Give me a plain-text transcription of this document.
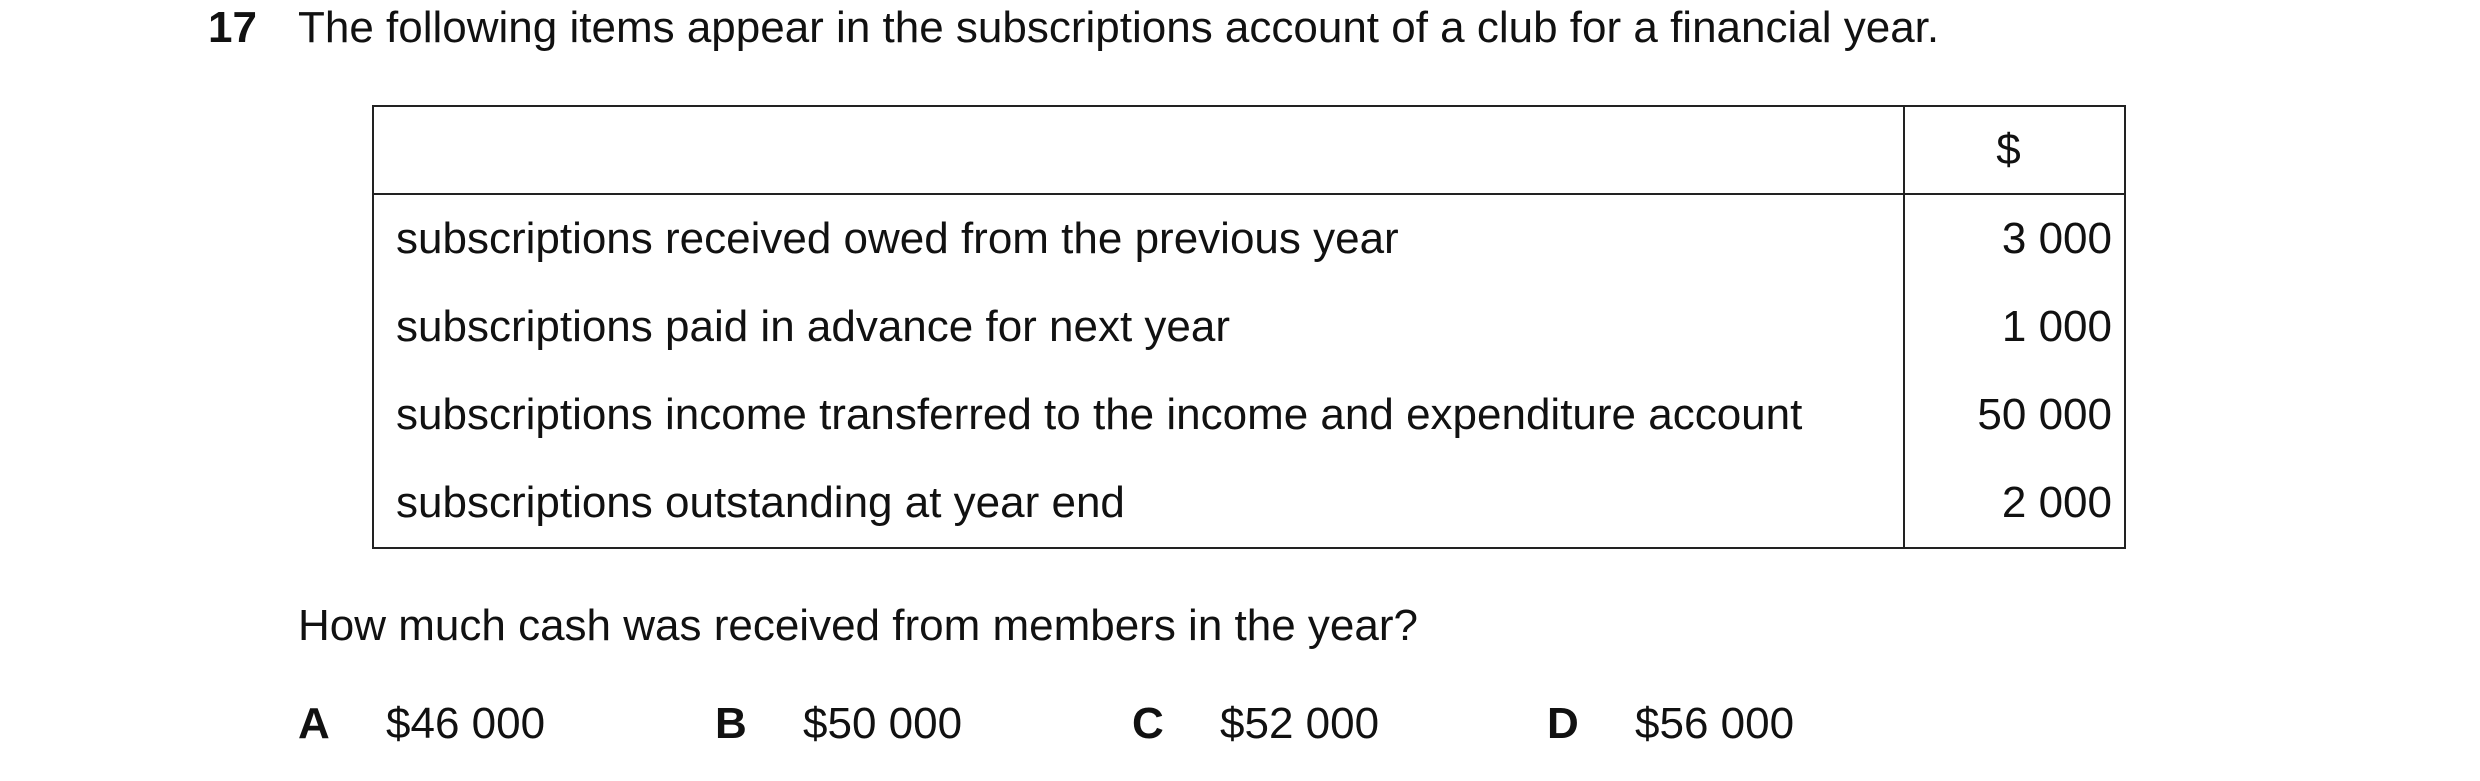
17 The following items appear in the subscriptions account of a club for a financial year.
	$
subscriptions received owed from the previous year	3 000
subscriptions paid in advance for next year	1 000
subscriptions income transferred to the income and expenditure account	50 000
subscriptions outstanding at year end	2 000
How much cash was received from members in the year?
A $46 000	B $50 000	C $52 000	D $56 000
